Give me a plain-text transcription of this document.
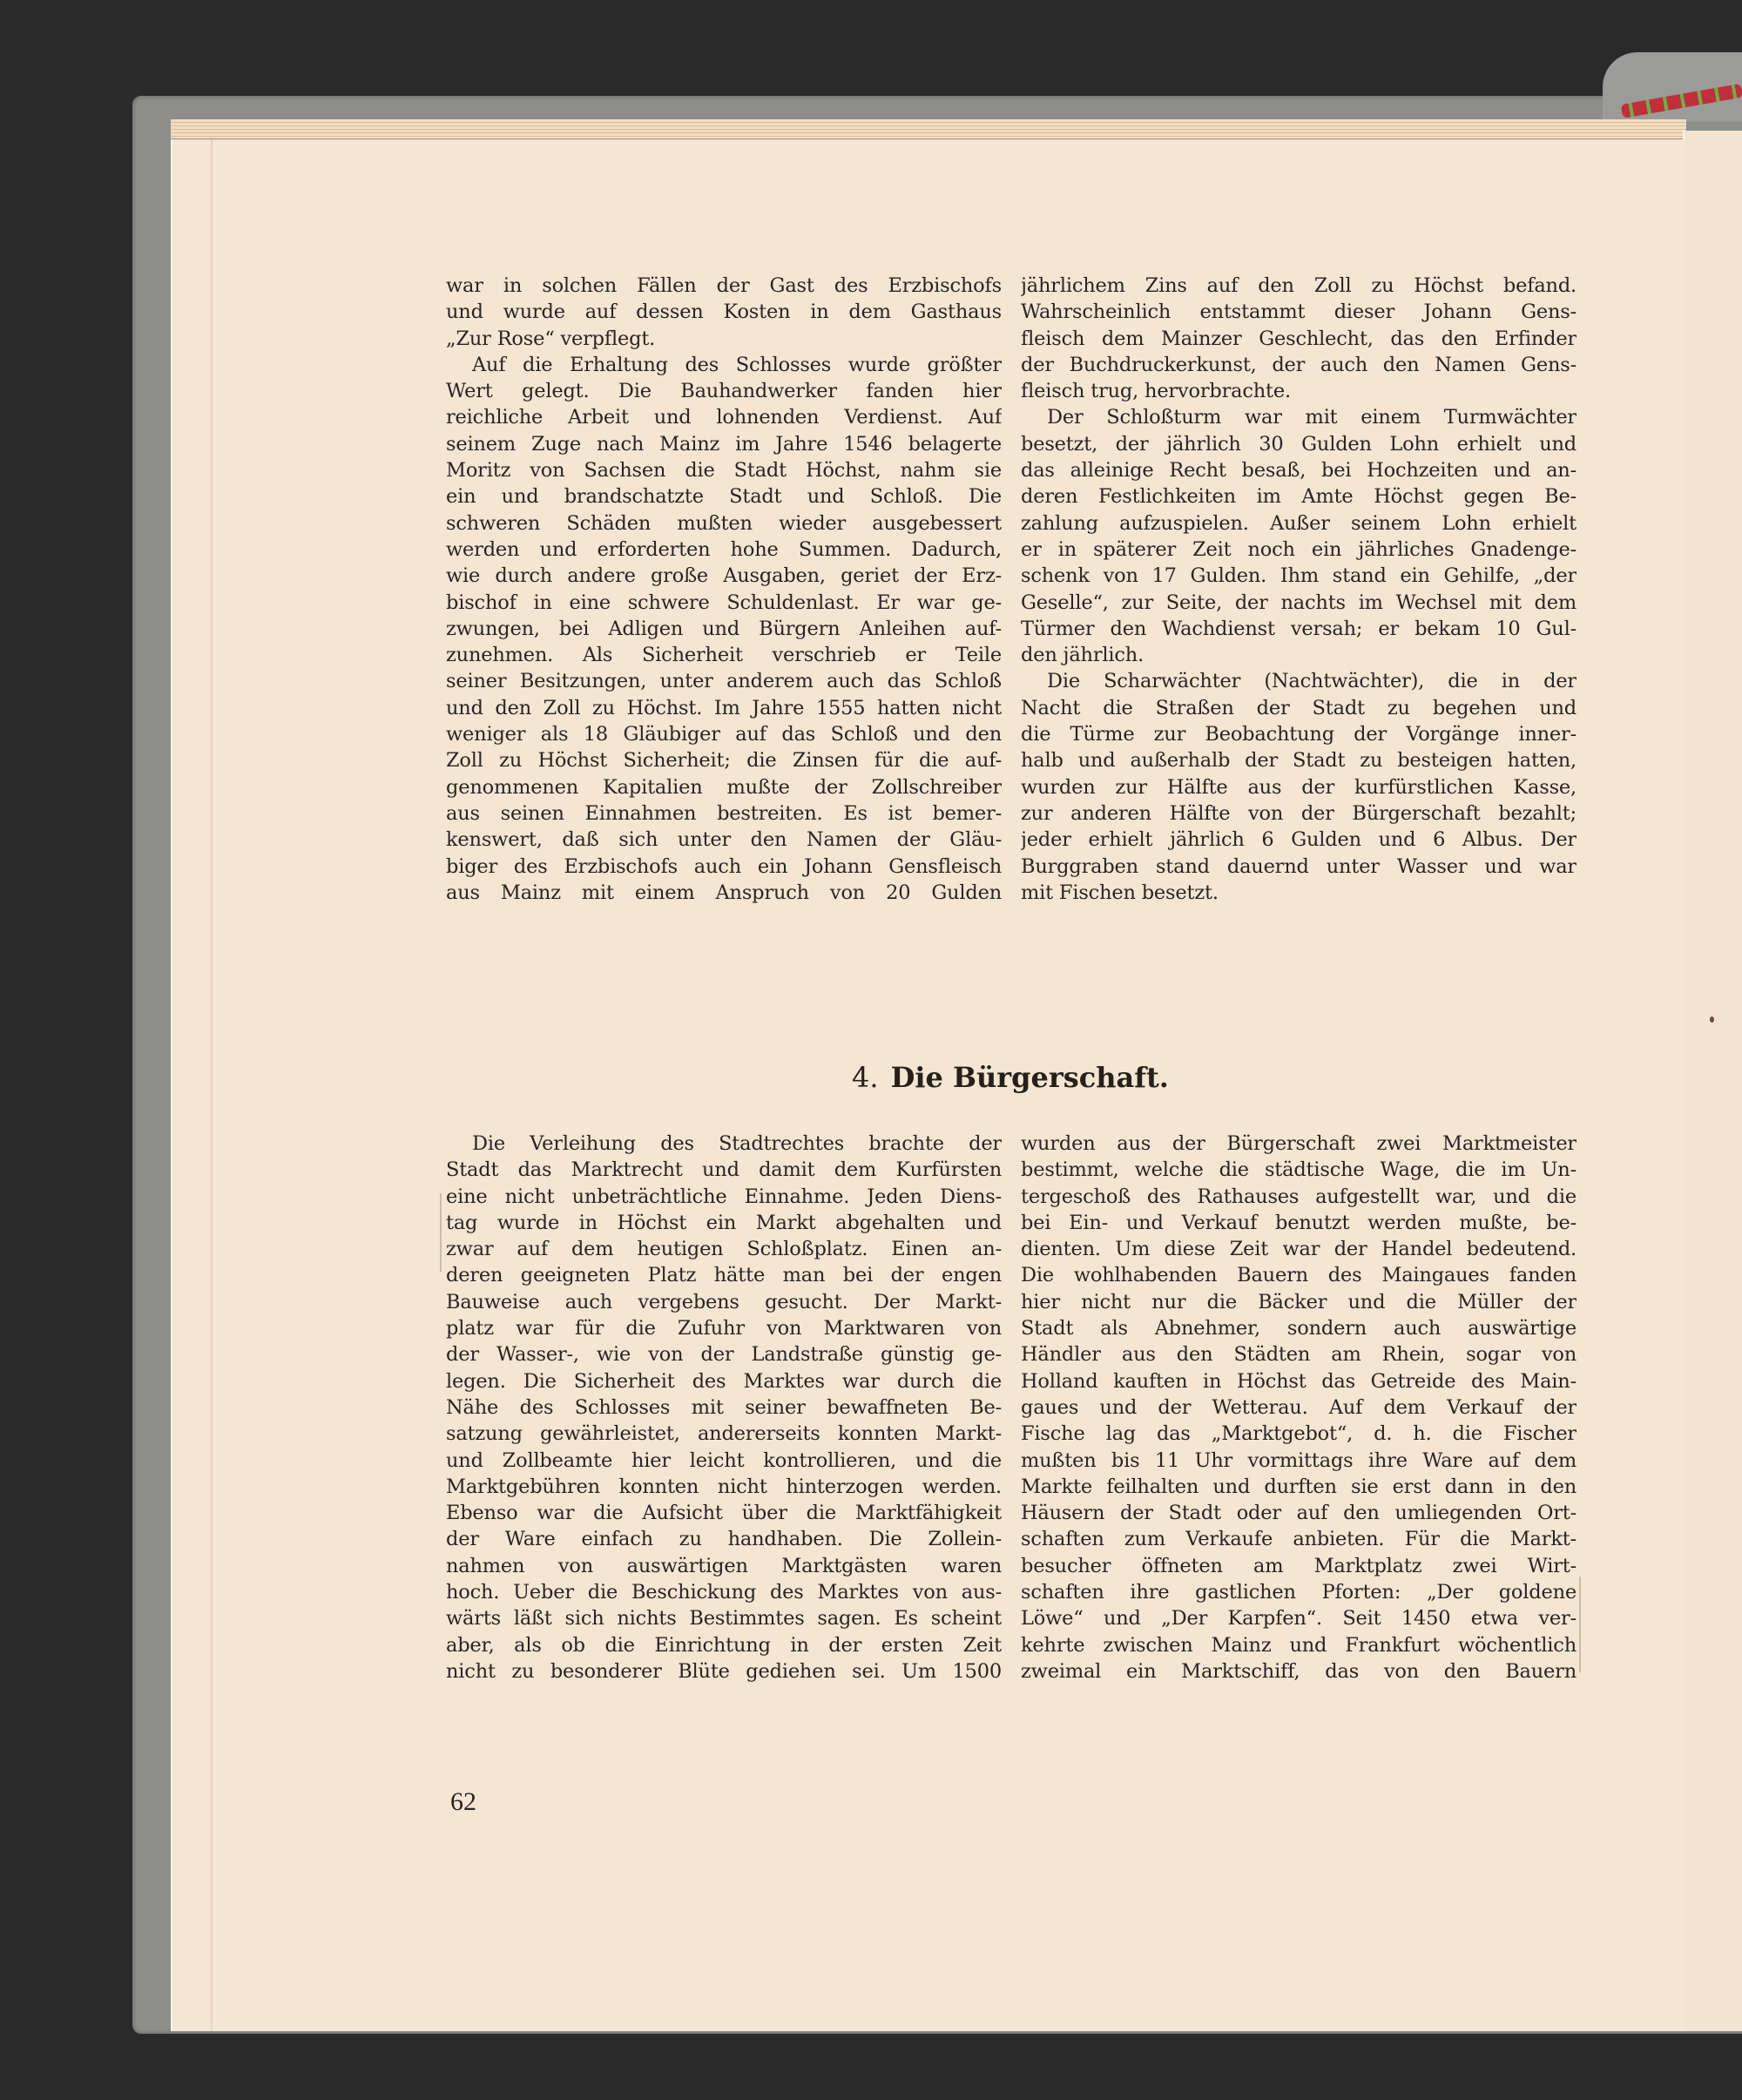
war in solchen Fällen der Gast des Erzbischofs
und wurde auf dessen Kosten in dem Gasthaus
„Zur Rose“ verpflegt.
Auf die Erhaltung des Schlosses wurde größter
Wert gelegt. Die Bauhandwerker fanden hier
reichliche Arbeit und lohnenden Verdienst. Auf
seinem Zuge nach Mainz im Jahre 1546 belagerte
Moritz von Sachsen die Stadt Höchst, nahm sie
ein und brandschatzte Stadt und Schloß. Die
schweren Schäden mußten wieder ausgebessert
werden und erforderten hohe Summen. Dadurch,
wie durch andere große Ausgaben, geriet der Erz-
bischof in eine schwere Schuldenlast. Er war ge-
zwungen, bei Adligen und Bürgern Anleihen auf-
zunehmen. Als Sicherheit verschrieb er Teile
seiner Besitzungen, unter anderem auch das Schloß
und den Zoll zu Höchst. Im Jahre 1555 hatten nicht
weniger als 18 Gläubiger auf das Schloß und den
Zoll zu Höchst Sicherheit; die Zinsen für die auf-
genommenen Kapitalien mußte der Zollschreiber
aus seinen Einnahmen bestreiten. Es ist bemer-
kenswert, daß sich unter den Namen der Gläu-
biger des Erzbischofs auch ein Johann Gensfleisch
aus Mainz mit einem Anspruch von 20 Gulden
jährlichem Zins auf den Zoll zu Höchst befand.
Wahrscheinlich entstammt dieser Johann Gens-
fleisch dem Mainzer Geschlecht, das den Erfinder
der Buchdruckerkunst, der auch den Namen Gens-
fleisch trug, hervorbrachte.
Der Schloßturm war mit einem Turmwächter
besetzt, der jährlich 30 Gulden Lohn erhielt und
das alleinige Recht besaß, bei Hochzeiten und an-
deren Festlichkeiten im Amte Höchst gegen Be-
zahlung aufzuspielen. Außer seinem Lohn erhielt
er in späterer Zeit noch ein jährliches Gnadenge-
schenk von 17 Gulden. Ihm stand ein Gehilfe, „der
Geselle“, zur Seite, der nachts im Wechsel mit dem
Türmer den Wachdienst versah; er bekam 10 Gul-
den jährlich.
Die Scharwächter (Nachtwächter), die in der
Nacht die Straßen der Stadt zu begehen und
die Türme zur Beobachtung der Vorgänge inner-
halb und außerhalb der Stadt zu besteigen hatten,
wurden zur Hälfte aus der kurfürstlichen Kasse,
zur anderen Hälfte von der Bürgerschaft bezahlt;
jeder erhielt jährlich 6 Gulden und 6 Albus. Der
Burggraben stand dauernd unter Wasser und war
mit Fischen besetzt.
4. Die Bürgerschaft.
Die Verleihung des Stadtrechtes brachte der
Stadt das Marktrecht und damit dem Kurfürsten
eine nicht unbeträchtliche Einnahme. Jeden Diens-
tag wurde in Höchst ein Markt abgehalten und
zwar auf dem heutigen Schloßplatz. Einen an-
deren geeigneten Platz hätte man bei der engen
Bauweise auch vergebens gesucht. Der Markt-
platz war für die Zufuhr von Marktwaren von
der Wasser-, wie von der Landstraße günstig ge-
legen. Die Sicherheit des Marktes war durch die
Nähe des Schlosses mit seiner bewaffneten Be-
satzung gewährleistet, andererseits konnten Markt-
und Zollbeamte hier leicht kontrollieren, und die
Marktgebühren konnten nicht hinterzogen werden.
Ebenso war die Aufsicht über die Marktfähigkeit
der Ware einfach zu handhaben. Die Zollein-
nahmen von auswärtigen Marktgästen waren
hoch. Ueber die Beschickung des Marktes von aus-
wärts läßt sich nichts Bestimmtes sagen. Es scheint
aber, als ob die Einrichtung in der ersten Zeit
nicht zu besonderer Blüte gediehen sei. Um 1500
wurden aus der Bürgerschaft zwei Marktmeister
bestimmt, welche die städtische Wage, die im Un-
tergeschoß des Rathauses aufgestellt war, und die
bei Ein- und Verkauf benutzt werden mußte, be-
dienten. Um diese Zeit war der Handel bedeutend.
Die wohlhabenden Bauern des Maingaues fanden
hier nicht nur die Bäcker und die Müller der
Stadt als Abnehmer, sondern auch auswärtige
Händler aus den Städten am Rhein, sogar von
Holland kauften in Höchst das Getreide des Main-
gaues und der Wetterau. Auf dem Verkauf der
Fische lag das „Marktgebot“, d. h. die Fischer
mußten bis 11 Uhr vormittags ihre Ware auf dem
Markte feilhalten und durften sie erst dann in den
Häusern der Stadt oder auf den umliegenden Ort-
schaften zum Verkaufe anbieten. Für die Markt-
besucher öffneten am Marktplatz zwei Wirt-
schaften ihre gastlichen Pforten: „Der goldene
Löwe“ und „Der Karpfen“. Seit 1450 etwa ver-
kehrte zwischen Mainz und Frankfurt wöchentlich
zweimal ein Marktschiff, das von den Bauern
62
